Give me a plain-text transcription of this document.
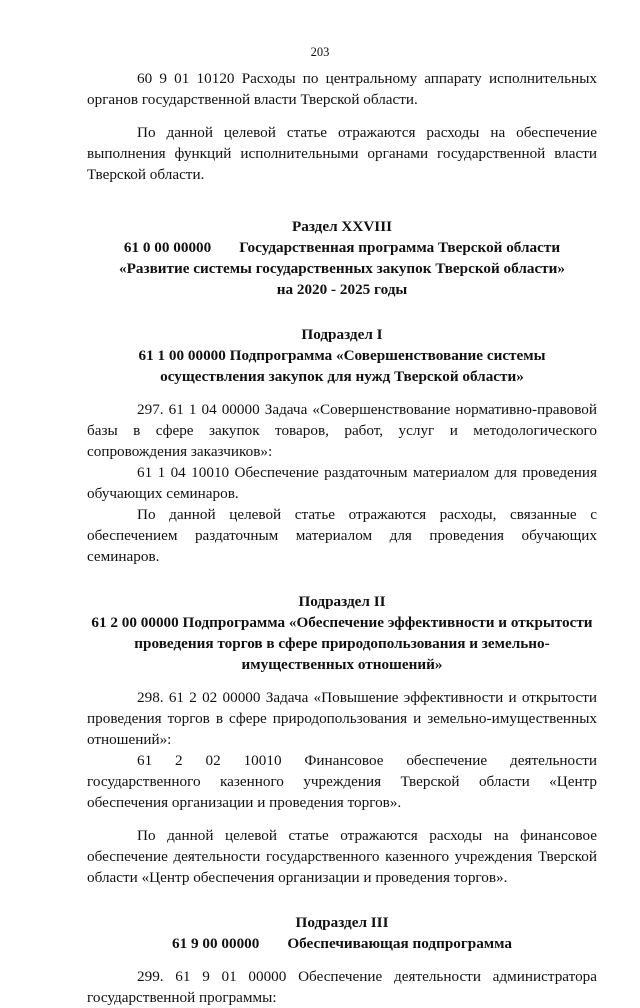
203

60 9 01 10120 Расходы по центральному аппарату исполнительных органов государственной власти Тверской области.

По данной целевой статье отражаются расходы на обеспечение выполнения функций исполнительными органами государственной власти Тверской области.

Раздел XXVIII
61 0 00 00000 Государственная программа Тверской области
«Развитие системы государственных закупок Тверской области»
на 2020 - 2025 годы
Подраздел I
61 1 00 00000 Подпрограмма «Совершенствование системы
осуществления закупок для нужд Тверской области»

297. 61 1 04 00000 Задача «Совершенствование нормативно-правовой базы в сфере закупок товаров, работ, услуг и методологического сопровождения заказчиков»:

61 1 04 10010 Обеспечение раздаточным материалом для проведения обучающих семинаров.

По данной целевой статье отражаются расходы, связанные с обеспечением раздаточным материалом для проведения обучающих семинаров.

Подраздел II
61 2 00 00000 Подпрограмма «Обеспечение эффективности и открытости
проведения торгов в сфере природопользования и земельно-
имущественных отношений»

298. 61 2 02 00000 Задача «Повышение эффективности и открытости проведения торгов в сфере природопользования и земельно-имущественных отношений»:

61 2 02 10010 Финансовое обеспечение деятельности государственного казенного учреждения Тверской области «Центр обеспечения организации и проведения торгов».

По данной целевой статье отражаются расходы на финансовое обеспечение деятельности государственного казенного учреждения Тверской области «Центр обеспечения организации и проведения торгов».

Подраздел III
61 9 00 00000 Обеспечивающая подпрограмма

299. 61 9 01 00000 Обеспечение деятельности администратора государственной программы:
